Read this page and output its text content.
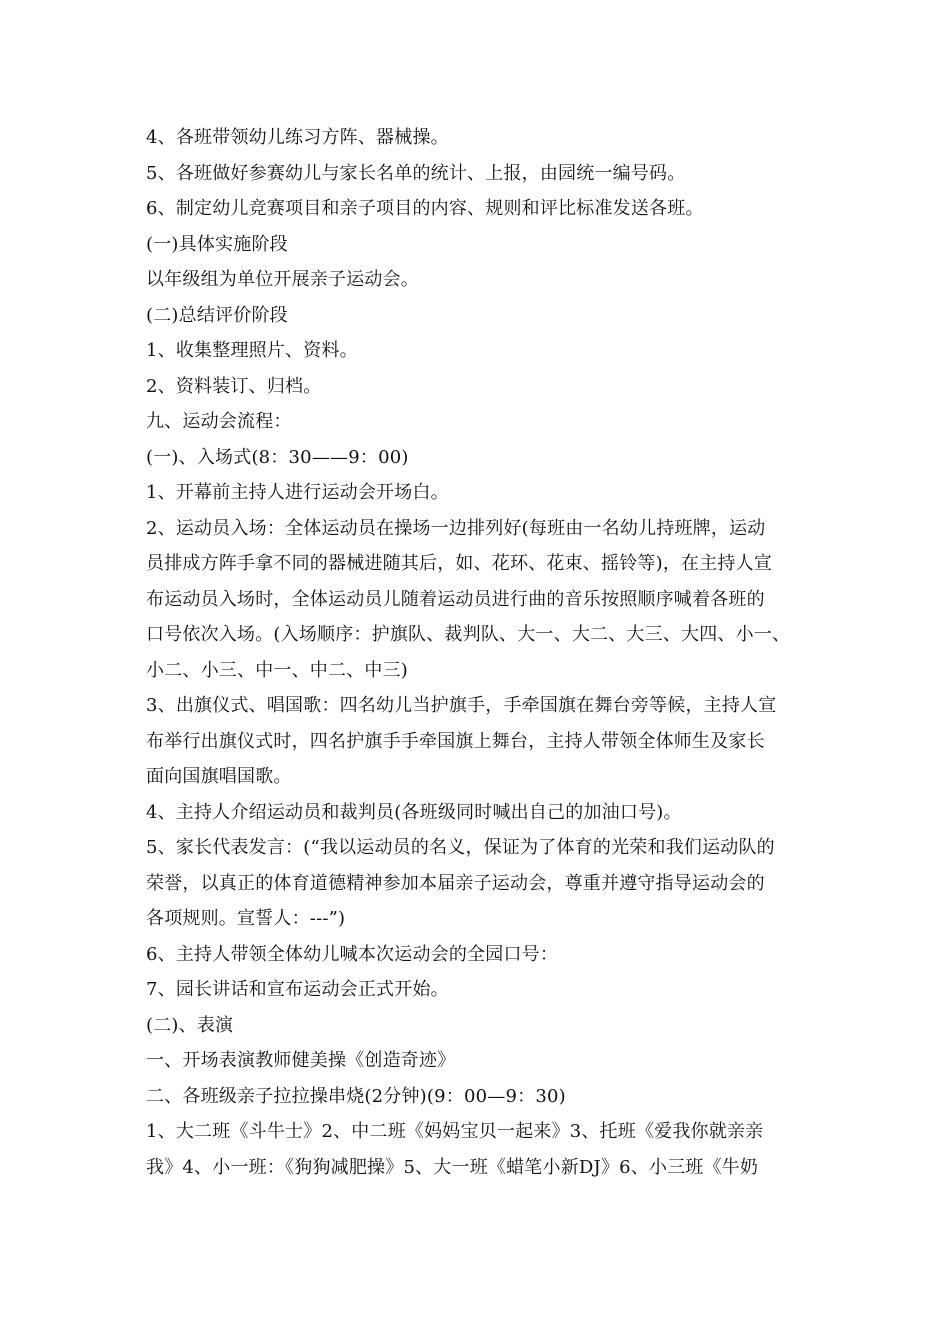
4、各班带领幼儿练习方阵、器械操。
5、各班做好参赛幼儿与家长名单的统计、上报，由园统一编号码。
6、制定幼儿竞赛项目和亲子项目的内容、规则和评比标准发送各班。
(一)具体实施阶段
以年级组为单位开展亲子运动会。
(二)总结评价阶段
1、收集整理照片、资料。
2、资料装订、归档。
九、运动会流程：
(一)、入场式(8：30——9：00)
1、开幕前主持人进行运动会开场白。
2、运动员入场：全体运动员在操场一边排列好(每班由一名幼儿持班牌，运动
员排成方阵手拿不同的器械进随其后，如、花环、花束、摇铃等)，在主持人宣
布运动员入场时，全体运动员儿随着运动员进行曲的音乐按照顺序喊着各班的
口号依次入场。(入场顺序：护旗队、裁判队、大一、大二、大三、大四、小一、
小二、小三、中一、中二、中三)
3、出旗仪式、唱国歌：四名幼儿当护旗手，手牵国旗在舞台旁等候，主持人宣
布举行出旗仪式时，四名护旗手手牵国旗上舞台，主持人带领全体师生及家长
面向国旗唱国歌。
4、主持人介绍运动员和裁判员(各班级同时喊出自己的加油口号)。
5、家长代表发言：(“我以运动员的名义，保证为了体育的光荣和我们运动队的
荣誉，以真正的体育道德精神参加本届亲子运动会，尊重并遵守指导运动会的
各项规则。宣誓人：---”)
6、主持人带领全体幼儿喊本次运动会的全园口号：
7、园长讲话和宣布运动会正式开始。
(二)、表演
一、开场表演教师健美操《创造奇迹》
二、各班级亲子拉拉操串烧(2分钟)(9：00—9：30)
1、大二班《斗牛士》2、中二班《妈妈宝贝一起来》3、托班《爱我你就亲亲
我》4、小一班：《狗狗减肥操》5、大一班《蜡笔小新DJ》6、小三班《牛奶
